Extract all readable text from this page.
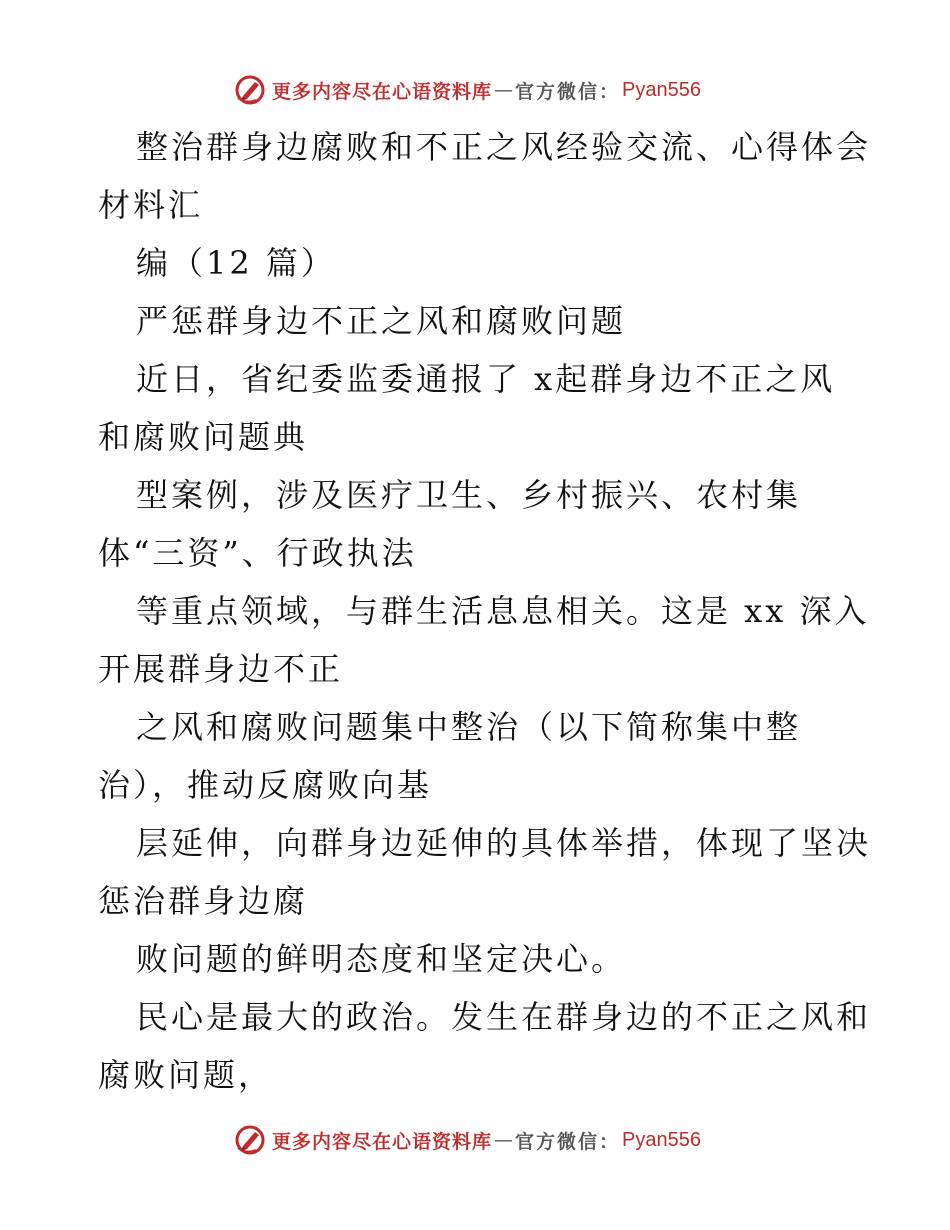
更多内容尽在心语资料库 — 官方微信： Pyan556
整治群身边腐败和不正之风经验交流、心得体会
材料汇
编（12 篇）
严惩群身边不正之风和腐败问题
近日，省纪委监委通报了 x起群身边不正之风
和腐败问题典
型案例，涉及医疗卫生、乡村振兴、农村集
体“三资”、行政执法
等重点领域，与群生活息息相关。这是 xx 深入
开展群身边不正
之风和腐败问题集中整治（以下简称集中整
治），推动反腐败向基
层延伸，向群身边延伸的具体举措，体现了坚决
惩治群身边腐
败问题的鲜明态度和坚定决心。
民心是最大的政治。发生在群身边的不正之风和
腐败问题，
更多内容尽在心语资料库 — 官方微信： Pyan556
